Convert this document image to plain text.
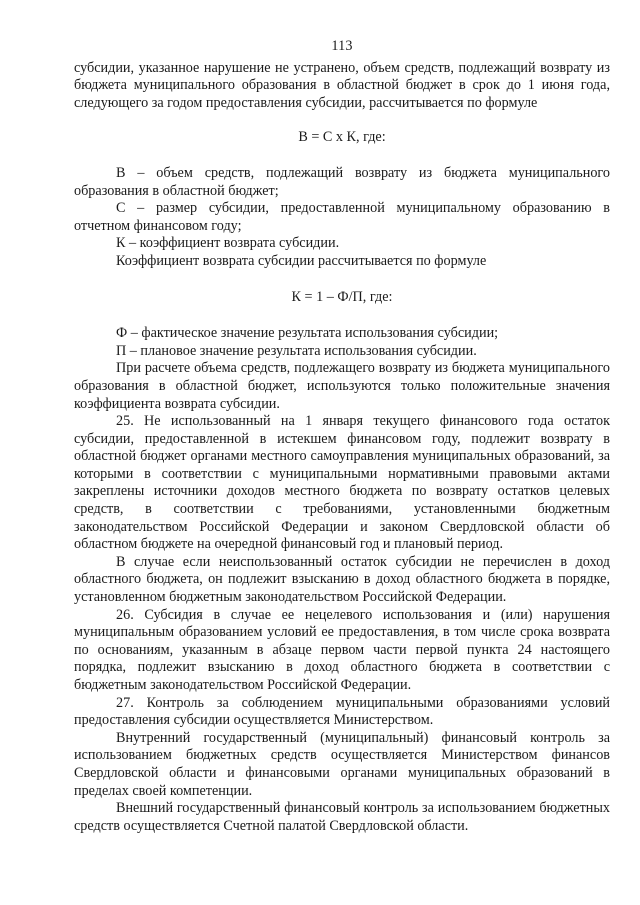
113

субсидии, указанное нарушение не устранено, объем средств, подлежащий возврату из бюджета муниципального образования в областной бюджет в срок до 1 июня года, следующего за годом предоставления субсидии, рассчитывается по формуле

В = С х К, где:

В – объем средств, подлежащий возврату из бюджета муниципального образования в областной бюджет;

С – размер субсидии, предоставленной муниципальному образованию в отчетном финансовом году;

К – коэффициент возврата субсидии.

Коэффициент возврата субсидии рассчитывается по формуле

К = 1 – Ф/П, где:

Ф – фактическое значение результата использования субсидии;

П – плановое значение результата использования субсидии.

При расчете объема средств, подлежащего возврату из бюджета муниципального образования в областной бюджет, используются только положительные значения коэффициента возврата субсидии.

25. Не использованный на 1 января текущего финансового года остаток субсидии, предоставленной в истекшем финансовом году, подлежит возврату в областной бюджет органами местного самоуправления муниципальных образований, за которыми в соответствии с муниципальными нормативными правовыми актами закреплены источники доходов местного бюджета по возврату остатков целевых средств, в соответствии с требованиями, установленными бюджетным законодательством Российской Федерации и законом Свердловской области об областном бюджете на очередной финансовый год и плановый период.

В случае если неиспользованный остаток субсидии не перечислен в доход областного бюджета, он подлежит взысканию в доход областного бюджета в порядке, установленном бюджетным законодательством Российской Федерации.

26. Субсидия в случае ее нецелевого использования и (или) нарушения муниципальным образованием условий ее предоставления, в том числе срока возврата по основаниям, указанным в абзаце первом части первой пункта 24 настоящего порядка, подлежит взысканию в доход областного бюджета в соответствии с бюджетным законодательством Российской Федерации.

27. Контроль за соблюдением муниципальными образованиями условий предоставления субсидии осуществляется Министерством.

Внутренний государственный (муниципальный) финансовый контроль за использованием бюджетных средств осуществляется Министерством финансов Свердловской области и финансовыми органами муниципальных образований в пределах своей компетенции.

Внешний государственный финансовый контроль за использованием бюджетных средств осуществляется Счетной палатой Свердловской области.
